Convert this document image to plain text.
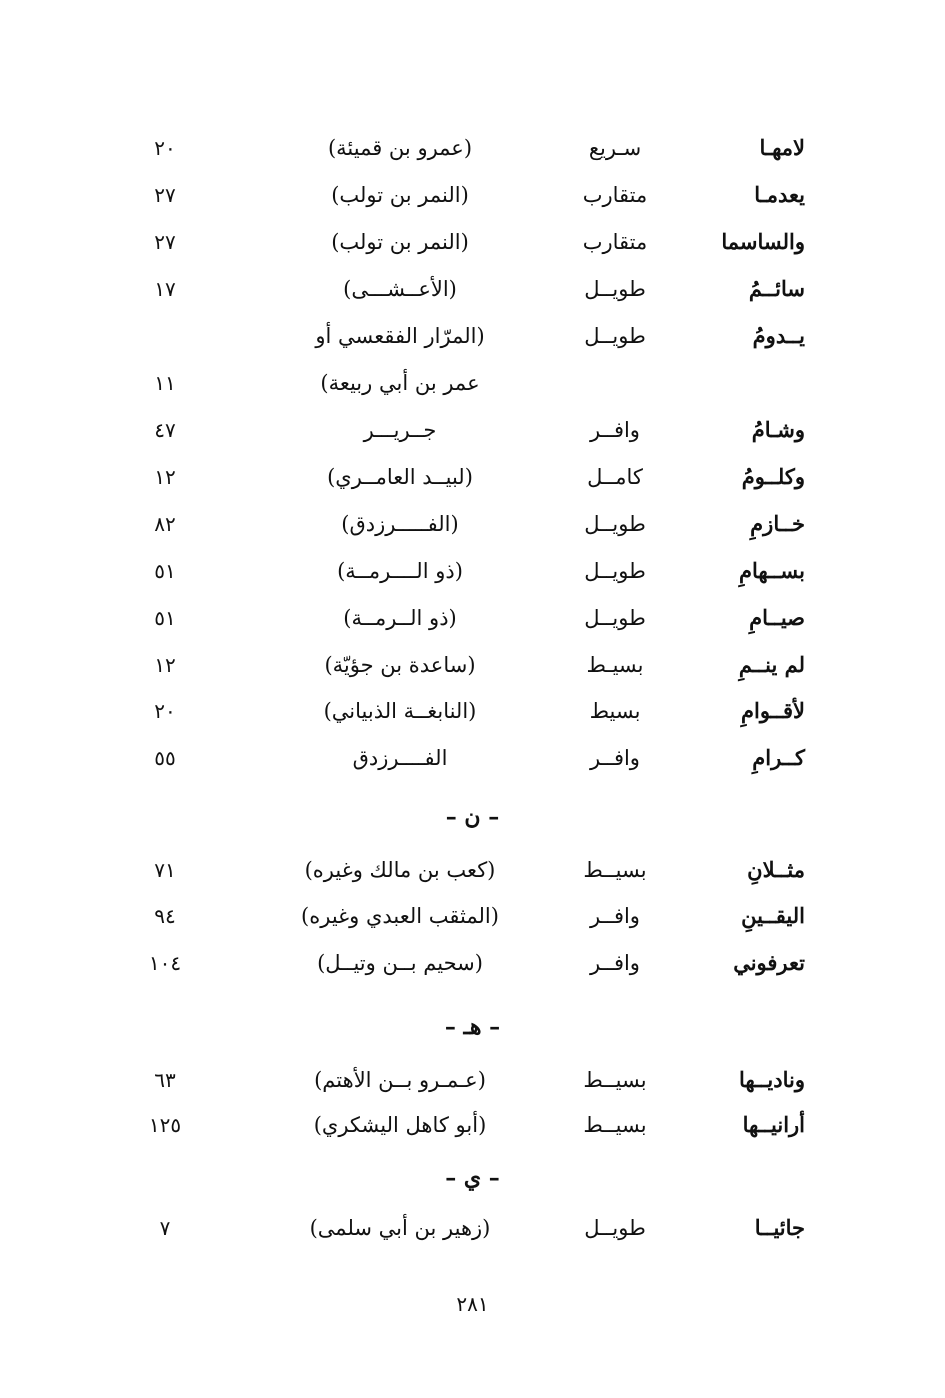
لامهـا
سـريع
(عمرو بن قميئة)
٢٠
يعدمـا
متقارب
(النمر بن تولب)
٢٧
والساسما
متقارب
(النمر بن تولب)
٢٧
سائــمُ
طويــل
(الأعــشـــى)
١٧
يــدومُ
طويــل
(المرّار الفقعسي أو
عمر بن أبي ربيعة)
١١
وشـامُ
وافــر
جــريـــر
٤٧
وكلــومُ
كامــل
(لبيــد العامــري)
١٢
خــازمِ
طويــل
(الفـــــرزدق)
٨٢
بســهامِ
طويــل
(ذو الــــرمــة)
٥١
صيــامِ
طويــل
(ذو الــرمــة)
٥١
لم ينــمِ
بسيـط
(ساعدة بن جؤيّة)
١٢
لأقــوامِ
بسيط
(النابغــة الذبياني)
٢٠
كــرامِ
وافــر
الفــــرزدق
٥٥
– ن –
مثــلانِ
بسيــط
(كعب بن مالك وغيره)
٧١
اليقــينِ
وافــر
(المثقب العبدي وغيره)
٩٤
تعرفوني
وافــر
(سحيم بــن وتيــل)
١٠٤
– هـ –
وناديــها
بسيــط
(عـمـرو بــن الأهتم)
٦٣
أرانيــها
بسيــط
(أبو كاهل اليشكري)
١٢٥
– ي –
جائيــا
طويــل
(زهير بن أبي سلمى)
٧
٢٨١
